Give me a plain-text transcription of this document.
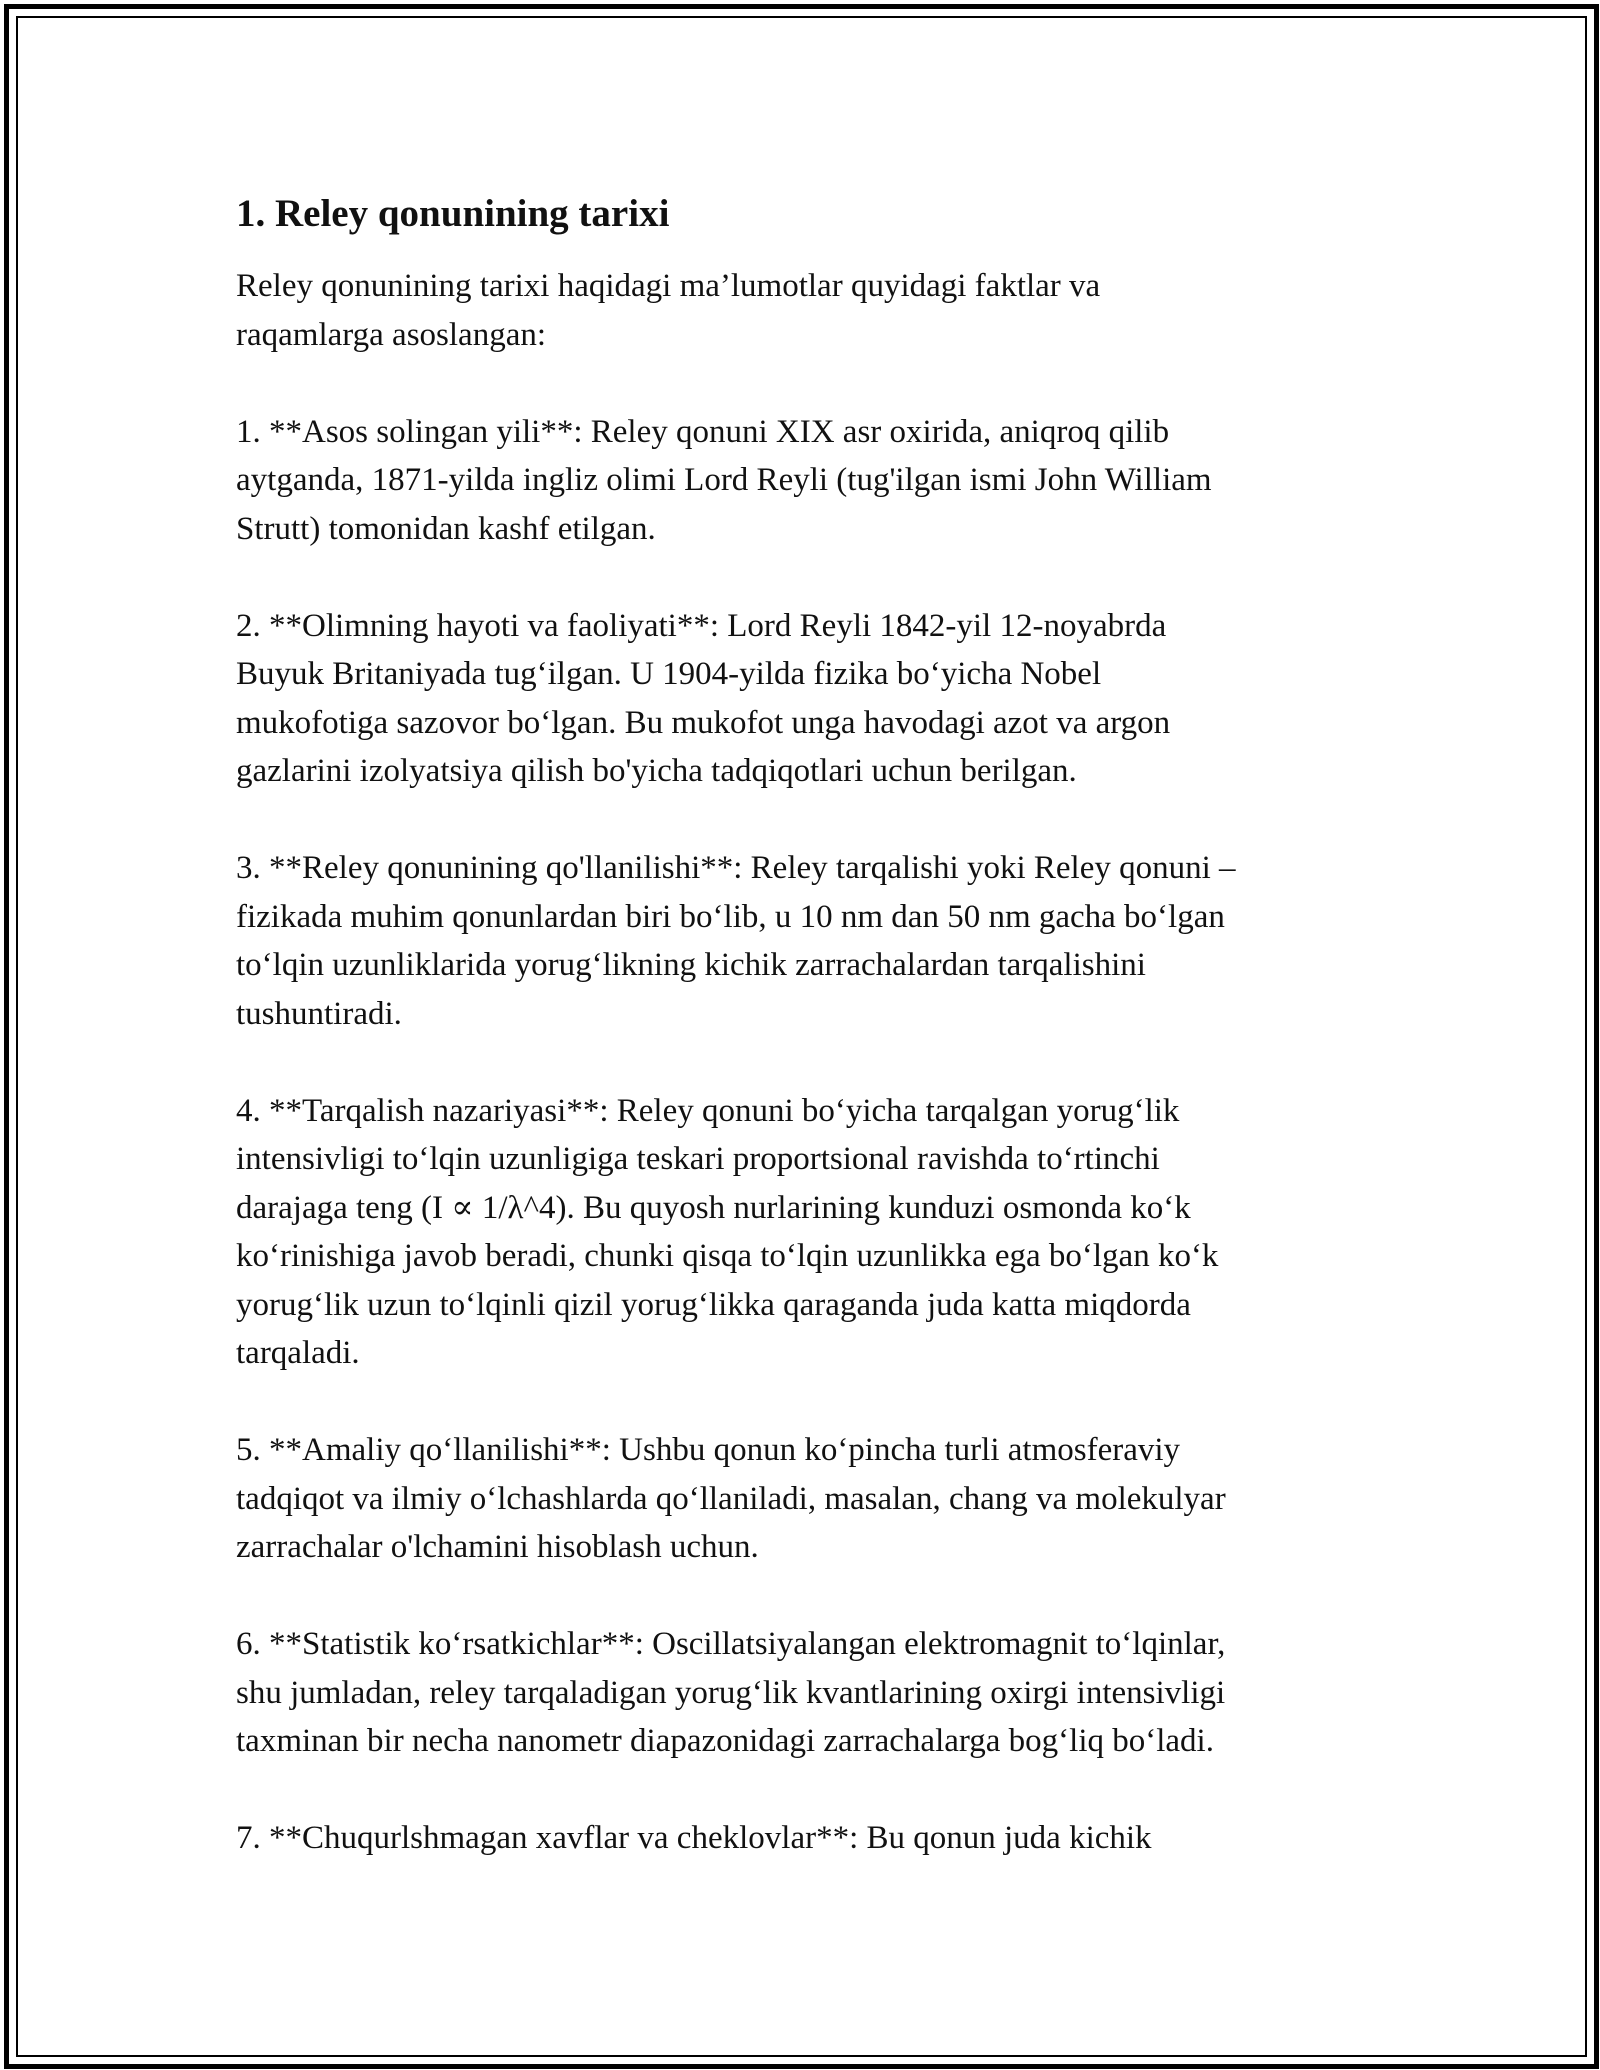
1. Reley qonunining tarixi

Reley qonunining tarixi haqidagi ma’lumotlar quyidagi faktlar va
raqamlarga asoslangan:

1. **Asos solingan yili**: Reley qonuni XIX asr oxirida, aniqroq qilib
aytganda, 1871-yilda ingliz olimi Lord Reyli (tug'ilgan ismi John William
Strutt) tomonidan kashf etilgan.

2. **Olimning hayoti va faoliyati**: Lord Reyli 1842-yil 12-noyabrda
Buyuk Britaniyada tug‘ilgan. U 1904-yilda fizika bo‘yicha Nobel
mukofotiga sazovor bo‘lgan. Bu mukofot unga havodagi azot va argon
gazlarini izolyatsiya qilish bo'yicha tadqiqotlari uchun berilgan.

3. **Reley qonunining qo'llanilishi**: Reley tarqalishi yoki Reley qonuni –
fizikada muhim qonunlardan biri bo‘lib, u 10 nm dan 50 nm gacha bo‘lgan
to‘lqin uzunliklarida yorug‘likning kichik zarrachalardan tarqalishini
tushuntiradi.

4. **Tarqalish nazariyasi**: Reley qonuni bo‘yicha tarqalgan yorug‘lik
intensivligi to‘lqin uzunligiga teskari proportsional ravishda to‘rtinchi
darajaga teng (I ∝ 1/λ^4). Bu quyosh nurlarining kunduzi osmonda ko‘k
ko‘rinishiga javob beradi, chunki qisqa to‘lqin uzunlikka ega bo‘lgan ko‘k
yorug‘lik uzun to‘lqinli qizil yorug‘likka qaraganda juda katta miqdorda
tarqaladi.

5. **Amaliy qo‘llanilishi**: Ushbu qonun ko‘pincha turli atmosferaviy
tadqiqot va ilmiy o‘lchashlarda qo‘llaniladi, masalan, chang va molekulyar
zarrachalar o'lchamini hisoblash uchun.

6. **Statistik ko‘rsatkichlar**: Oscillatsiyalangan elektromagnit to‘lqinlar,
shu jumladan, reley tarqaladigan yorug‘lik kvantlarining oxirgi intensivligi
taxminan bir necha nanometr diapazonidagi zarrachalarga bog‘liq bo‘ladi.

7. **Chuqurlshmagan xavflar va cheklovlar**: Bu qonun juda kichik
